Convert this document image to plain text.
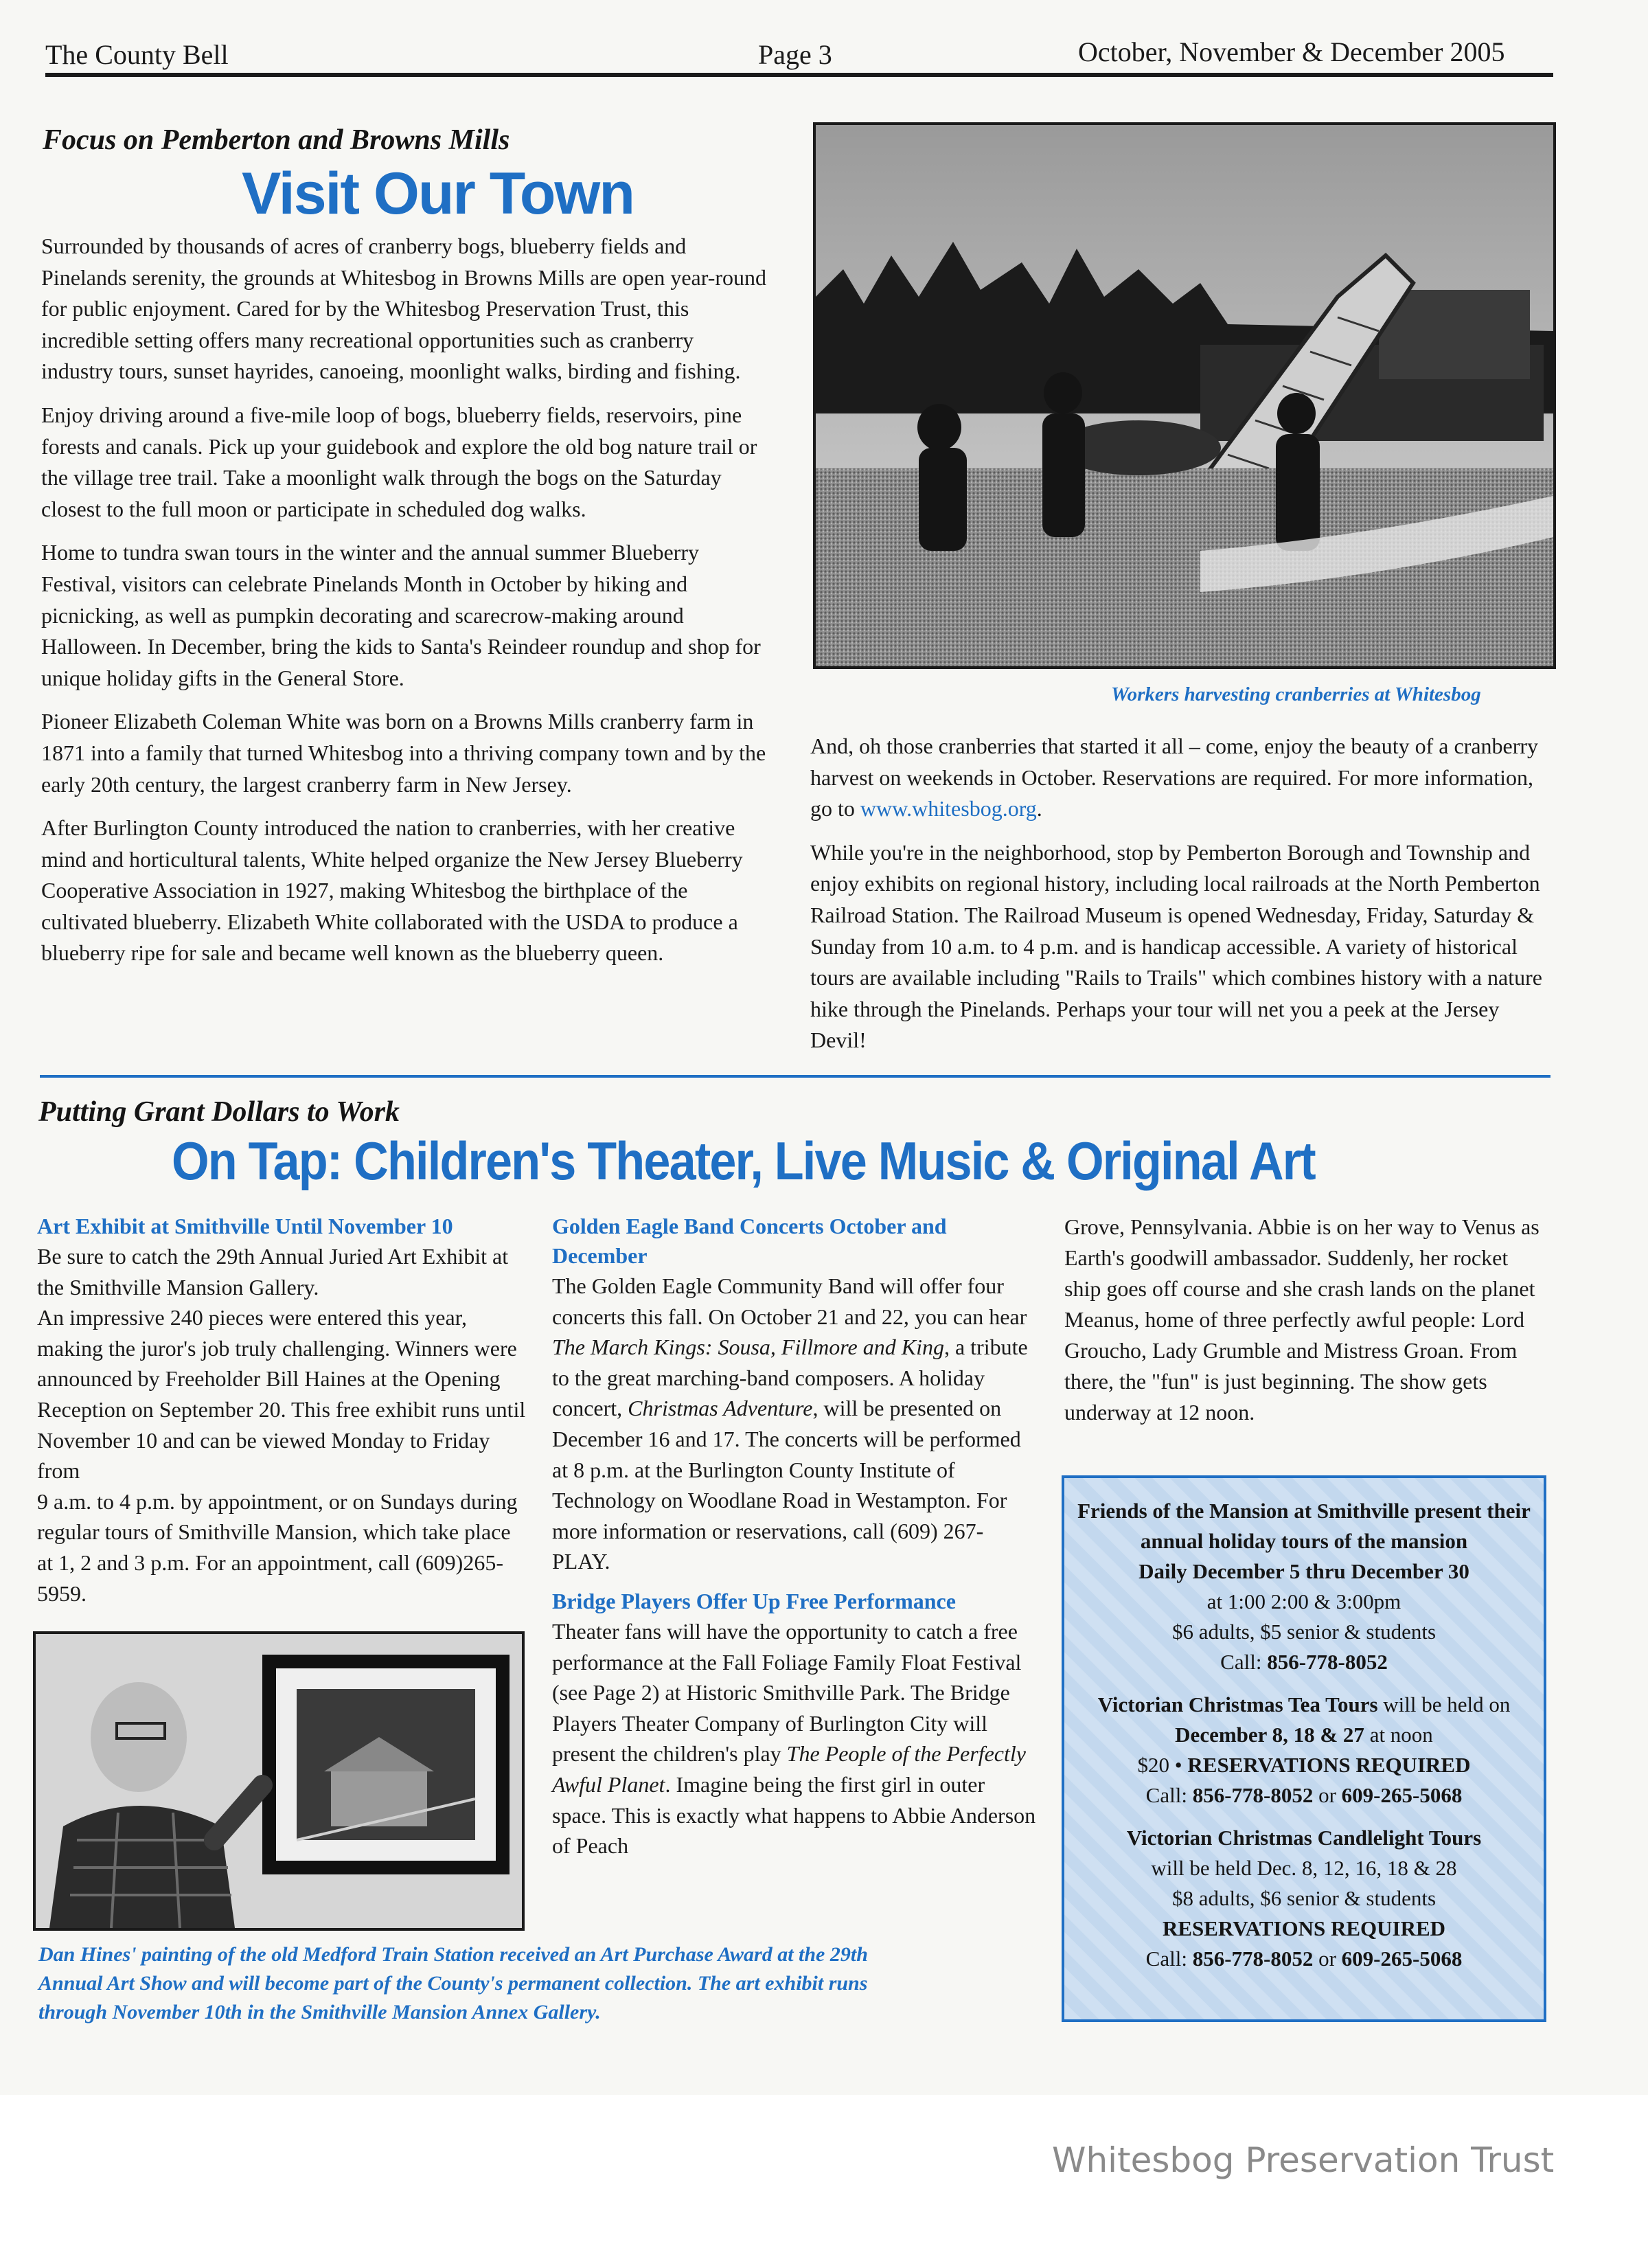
The County Bell	Page 3	October, November & December 2005
Focus on Pemberton and Browns Mills
Visit Our Town

Surrounded by thousands of acres of cranberry bogs, blueberry fields and Pinelands serenity, the grounds at Whitesbog in Browns Mills are open year-round for public enjoyment. Cared for by the Whitesbog Preservation Trust, this incredible setting offers many recreational opportunities such as cranberry industry tours, sunset hayrides, canoeing, moonlight walks, birding and fishing.

Enjoy driving around a five-mile loop of bogs, blueberry fields, reservoirs, pine forests and canals. Pick up your guidebook and explore the old bog nature trail or the village tree trail. Take a moonlight walk through the bogs on the Saturday closest to the full moon or participate in scheduled dog walks.

Home to tundra swan tours in the winter and the annual summer Blueberry Festival, visitors can celebrate Pinelands Month in October by hiking and picnicking, as well as pumpkin decorating and scarecrow-making around Halloween. In December, bring the kids to Santa's Reindeer roundup and shop for unique holiday gifts in the General Store.

Pioneer Elizabeth Coleman White was born on a Browns Mills cranberry farm in 1871 into a family that turned Whitesbog into a thriving company town and by the early 20th century, the largest cranberry farm in New Jersey.

After Burlington County introduced the nation to cranberries, with her creative mind and horticultural talents, White helped organize the New Jersey Blueberry Cooperative Association in 1927, making Whitesbog the birthplace of the cultivated blueberry. Elizabeth White collaborated with the USDA to produce a blueberry ripe for sale and became well known as the blueberry queen.

Workers harvesting cranberries at Whitesbog

And, oh those cranberries that started it all – come, enjoy the beauty of a cranberry harvest on weekends in October. Reservations are required. For more information, go to www.whitesbog.org.

While you're in the neighborhood, stop by Pemberton Borough and Township and enjoy exhibits on regional history, including local railroads at the North Pemberton Railroad Station. The Railroad Museum is opened Wednesday, Friday, Saturday & Sunday from 10 a.m. to 4 p.m. and is handicap accessible. A variety of historical tours are available including "Rails to Trails" which combines history with a nature hike through the Pinelands. Perhaps your tour will net you a peek at the Jersey Devil!

Putting Grant Dollars to Work
On Tap: Children's Theater, Live Music & Original Art
Art Exhibit at Smithville Until November 10
Be sure to catch the 29th Annual Juried Art Exhibit at the Smithville Mansion Gallery.
An impressive 240 pieces were entered this year, making the juror's job truly challenging. Winners were announced by Freeholder Bill Haines at the Opening Reception on September 20. This free exhibit runs until November 10 and can be viewed Monday to Friday from
9 a.m. to 4 p.m. by appointment, or on Sundays during regular tours of Smithville Mansion, which take place at 1, 2 and 3 p.m. For an appointment, call (609)265-5959.
Dan Hines' painting of the old Medford Train Station received an Art Purchase Award at the 29th Annual Art Show and will become part of the County's permanent collection. The art exhibit runs through November 10th in the Smithville Mansion Annex Gallery.
Golden Eagle Band Concerts October and December
The Golden Eagle Community Band will offer four concerts this fall. On October 21 and 22, you can hear The March Kings: Sousa, Fillmore and King, a tribute to the great marching-band composers. A holiday concert, Christmas Adventure, will be presented on December 16 and 17. The concerts will be performed at 8 p.m. at the Burlington County Institute of Technology on Woodlane Road in Westampton. For more information or reservations, call (609) 267-PLAY.
Bridge Players Offer Up Free Performance
Theater fans will have the opportunity to catch a free performance at the Fall Foliage Family Float Festival (see Page 2) at Historic Smithville Park. The Bridge Players Theater Company of Burlington City will present the children's play The People of the Perfectly Awful Planet. Imagine being the first girl in outer space. This is exactly what happens to Abbie Anderson of Peach
Grove, Pennsylvania. Abbie is on her way to Venus as Earth's goodwill ambassador. Suddenly, her rocket ship goes off course and she crash lands on the planet Meanus, home of three perfectly awful people: Lord Groucho, Lady Grumble and Mistress Groan. From there, the "fun" is just beginning. The show gets underway at 12 noon.

Friends of the Mansion at Smithville present their annual holiday tours of the mansion
Daily December 5 thru December 30
at 1:00 2:00 & 3:00pm
$6 adults, $5 senior & students
Call: 856-778-8052

Victorian Christmas Tea Tours will be held on December 8, 18 & 27 at noon
$20 • RESERVATIONS REQUIRED
Call: 856-778-8052 or 609-265-5068

Victorian Christmas Candlelight Tours
will be held Dec. 8, 12, 16, 18 & 28
$8 adults, $6 senior & students
RESERVATIONS REQUIRED
Call: 856-778-8052 or 609-265-5068

Whitesbog Preservation Trust
